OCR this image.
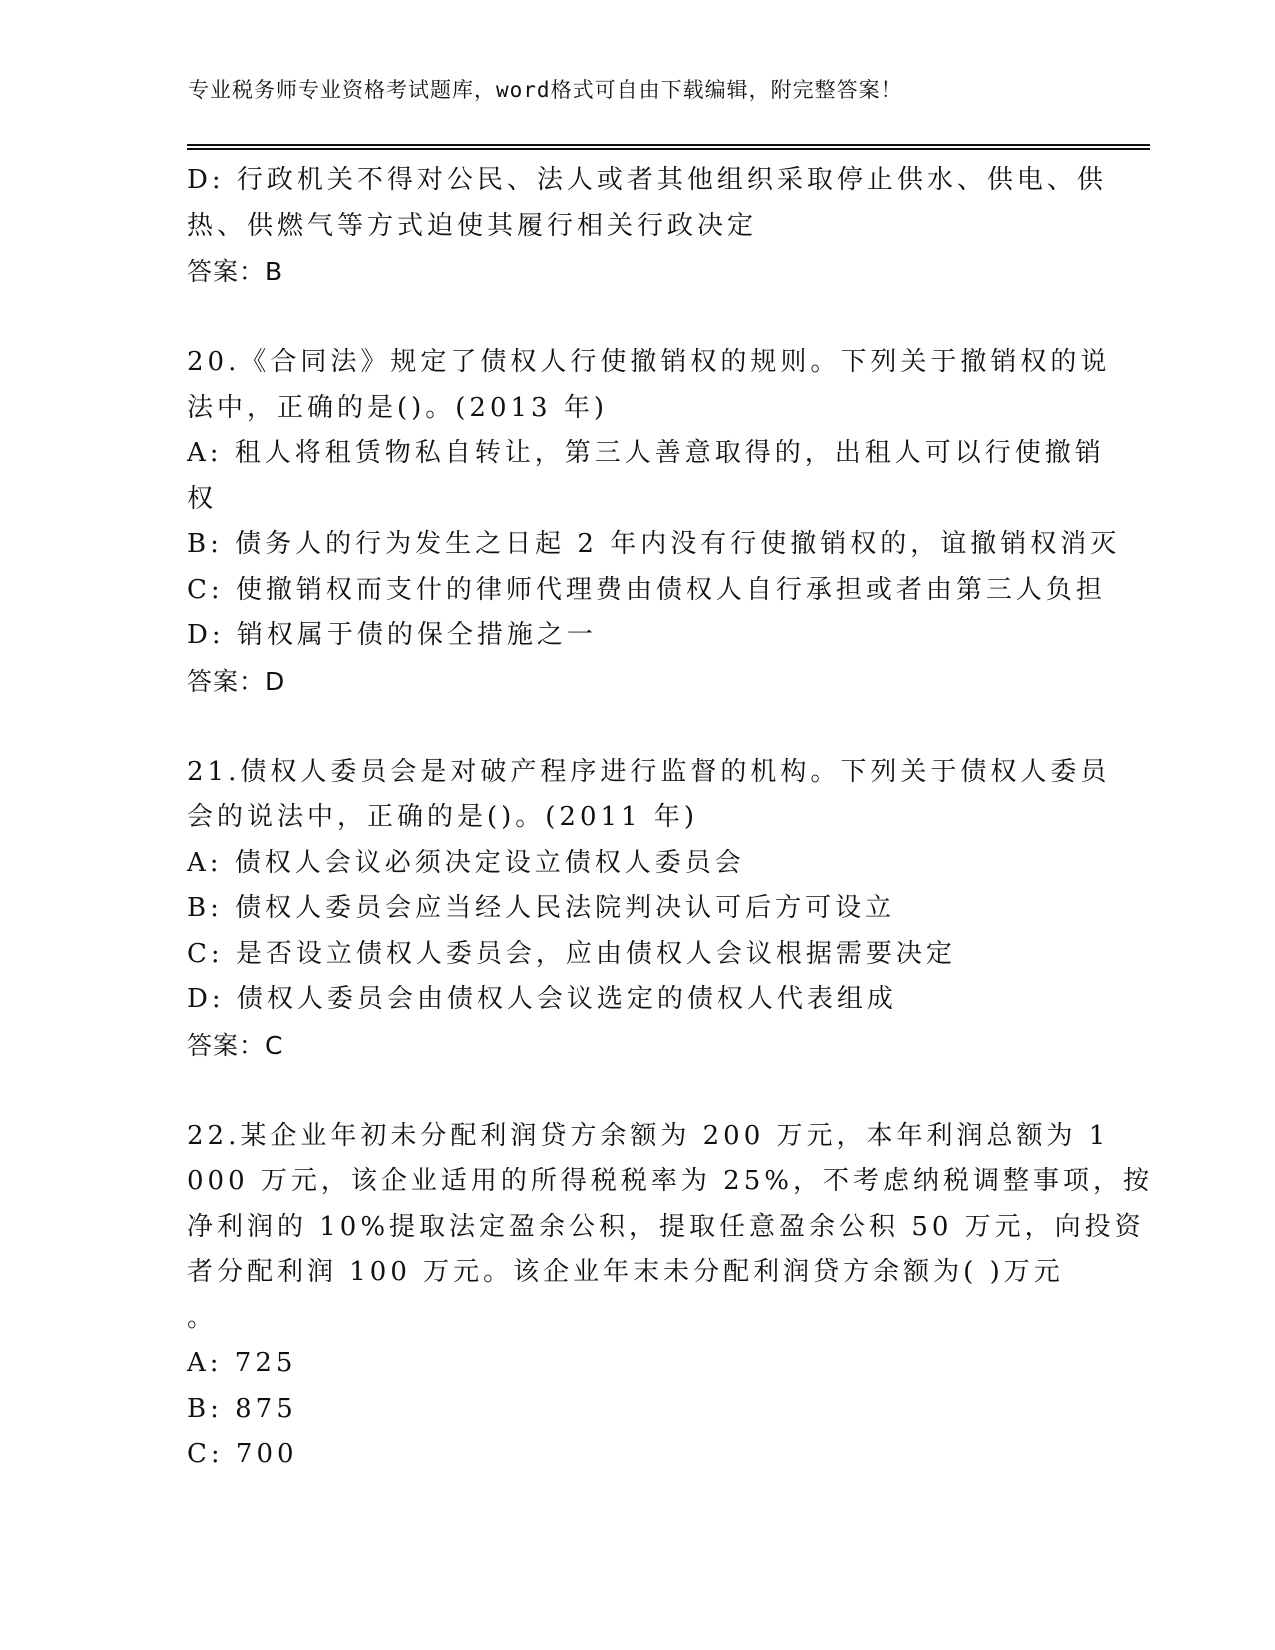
专业税务师专业资格考试题库，word格式可自由下载编辑，附完整答案！
D: 行政机关不得对公民、法人或者其他组织采取停止供水、供电、供
热、供燃气等方式迫使其履行相关行政决定
答案：B
20.《合同法》规定了债权人行使撤销权的规则。下列关于撤销权的说
法中，正确的是()。(2013 年)
A: 租人将租赁物私自转让，第三人善意取得的，出租人可以行使撤销
权
B: 债务人的行为发生之日起 2 年内没有行使撤销权的，谊撤销权消灭
C: 使撤销权而支什的律师代理费由债权人自行承担或者由第三人负担
D: 销权属于债的保仝措施之一
答案：D
21.债权人委员会是对破产程序进行监督的机构。下列关于债权人委员
会的说法中，正确的是()。(2011 年)
A: 债权人会议必须决定设立债权人委员会
B: 债权人委员会应当经人民法院判决认可后方可设立
C: 是否设立债权人委员会，应由债权人会议根据需要决定
D: 债权人委员会由债权人会议选定的债权人代表组成
答案：C
22.某企业年初未分配利润贷方余额为 200 万元，本年利润总额为 1
000 万元，该企业适用的所得税税率为 25%，不考虑纳税调整事项，按
净利润的 10%提取法定盈余公积，提取任意盈余公积 50 万元，向投资
者分配利润 100 万元。该企业年末未分配利润贷方余额为( )万元
。
A: 725
B: 875
C: 700
